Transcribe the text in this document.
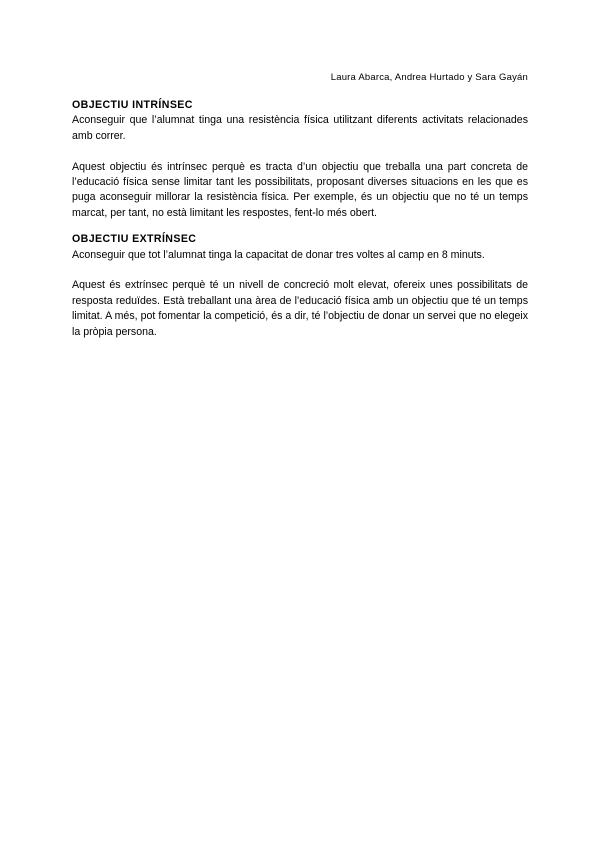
Laura Abarca, Andrea Hurtado y Sara Gayán
OBJECTIU INTRÍNSEC

Aconseguir que l’alumnat tinga una resistència física utilitzant diferents activitats relacionades amb correr.

Aquest objectiu és intrínsec perquè es tracta d’un objectiu que treballa una part concreta de l’educació física sense limitar tant les possibilitats, proposant diverses situacions en les que es puga aconseguir millorar la resistència física. Per exemple, és un objectiu que no té un temps marcat, per tant, no està limitant les respostes, fent-lo més obert.

OBJECTIU EXTRÍNSEC

Aconseguir que tot l’alumnat tinga la capacitat de donar tres voltes al camp en 8 minuts.

Aquest és extrínsec perquè té un nivell de concreció molt elevat, ofereix unes possibilitats de resposta reduïdes. Està treballant una àrea de l’educació física amb un objectiu que té un temps limitat. A més, pot fomentar la competició, és a dir, té l’objectiu de donar un servei que no elegeix la pròpia persona.
